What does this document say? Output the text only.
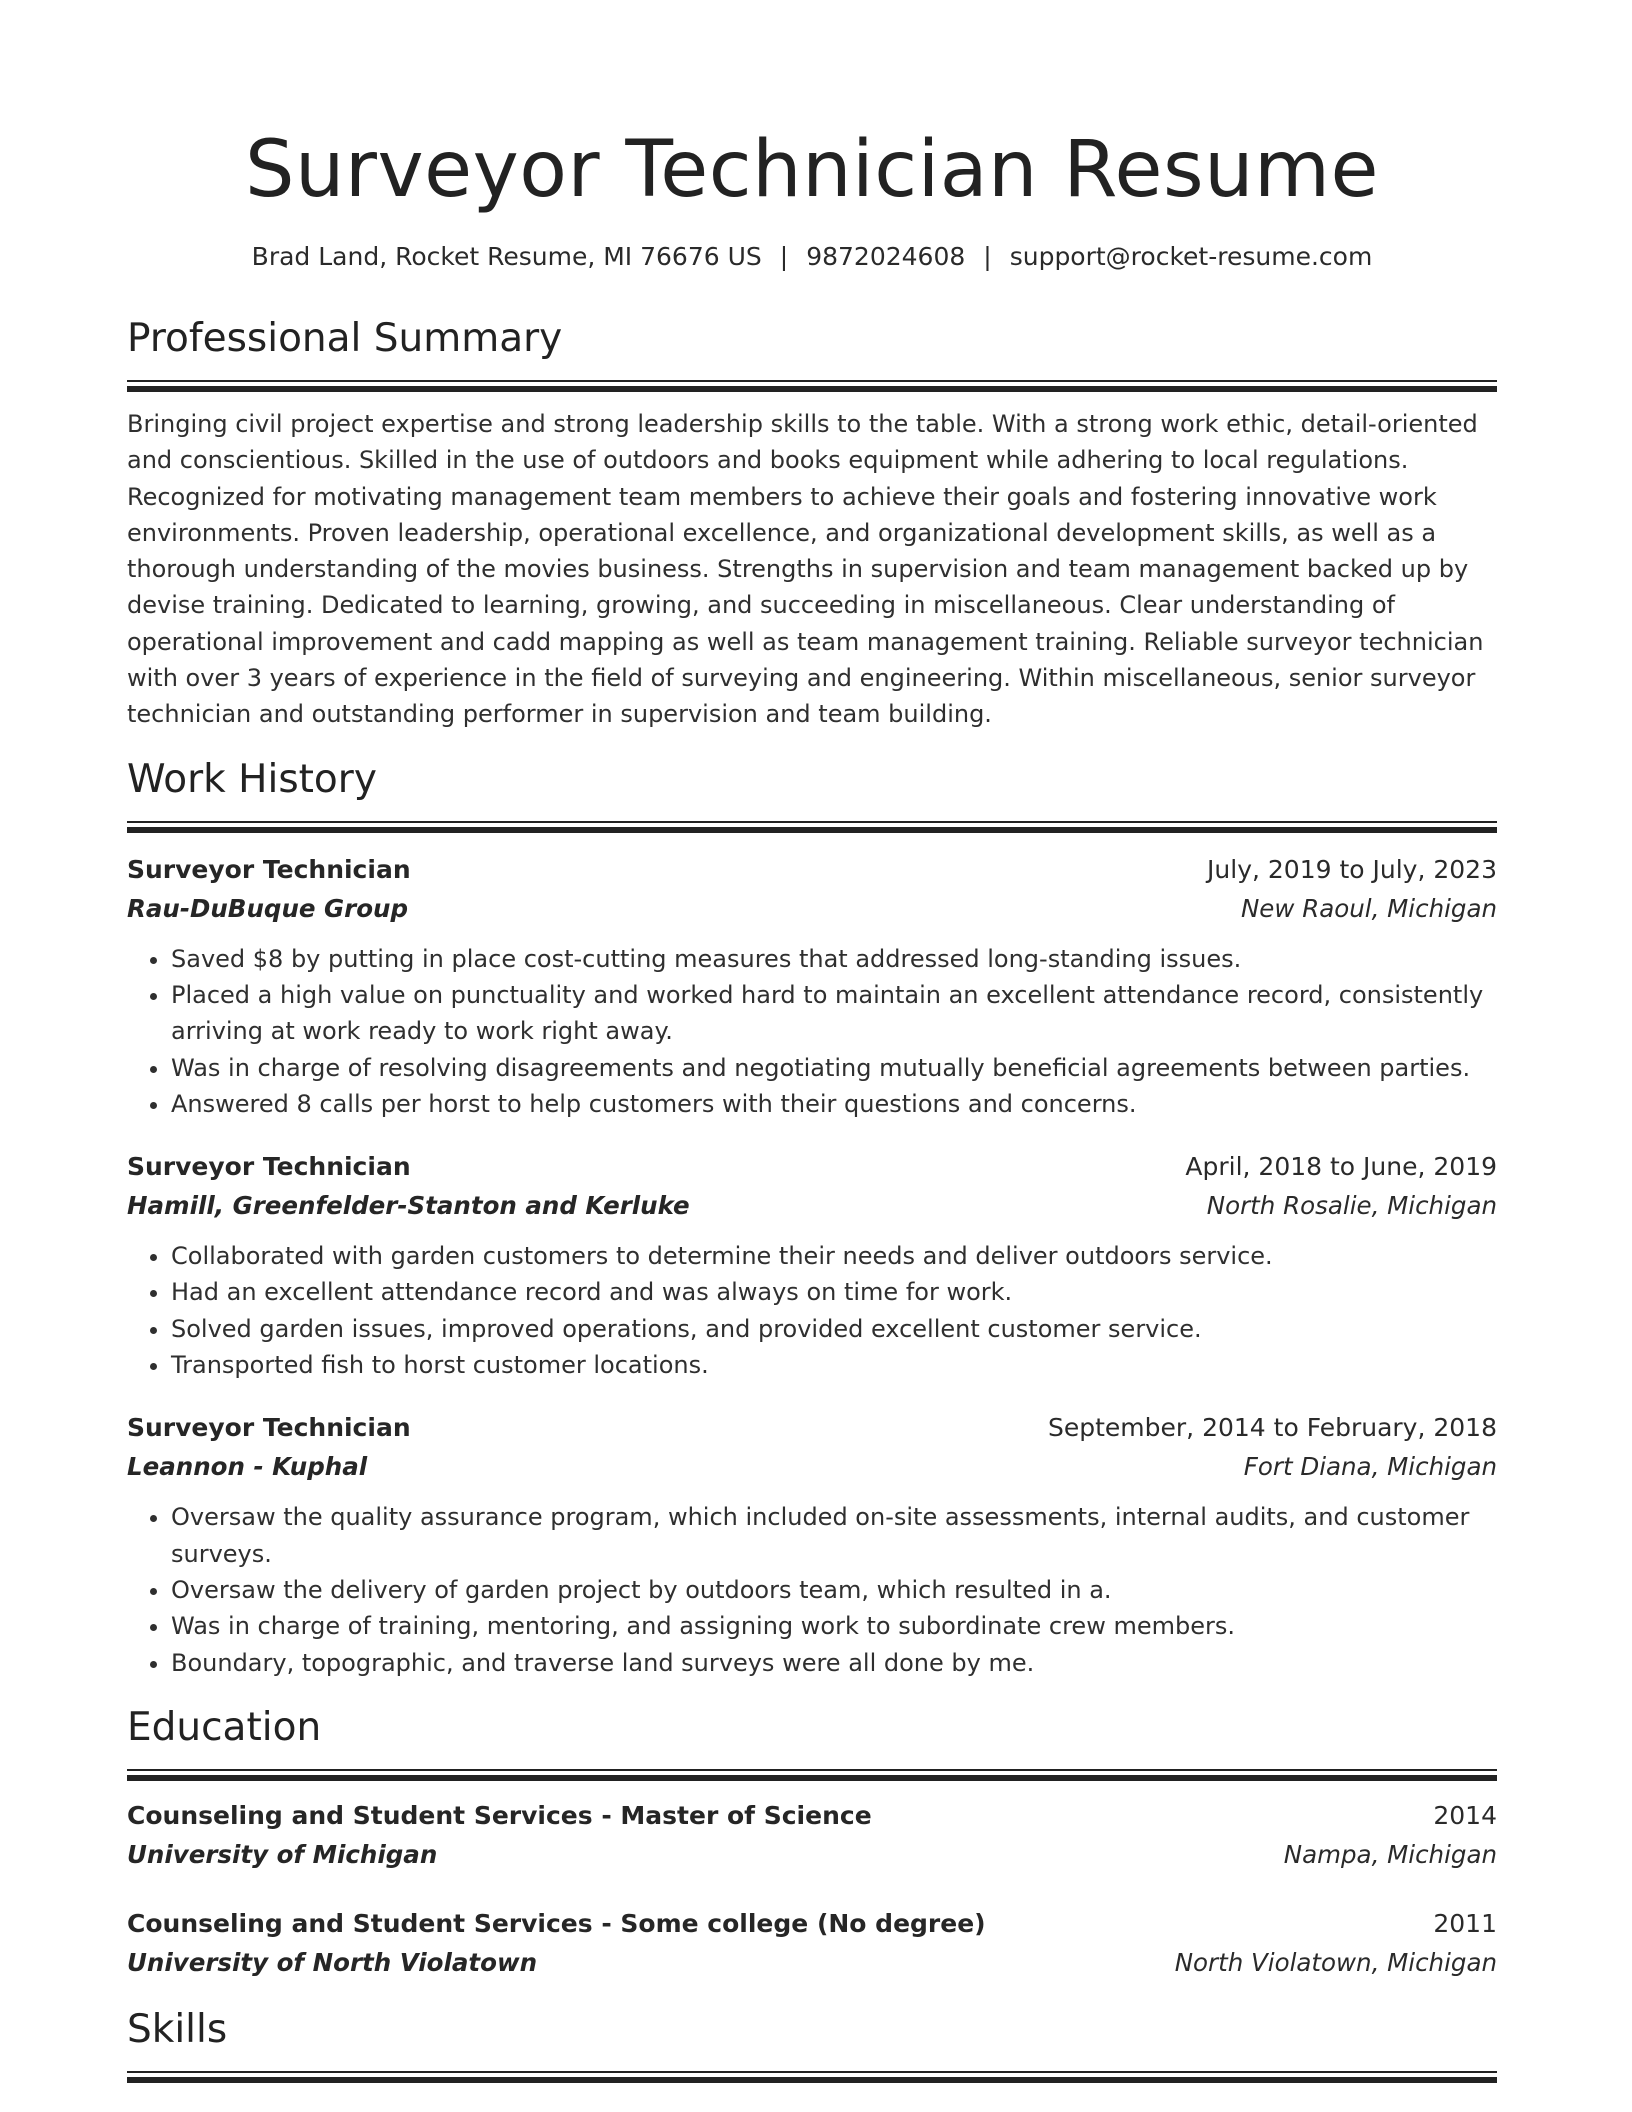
Surveyor Technician Resume
Brad Land, Rocket Resume, MI 76676 US | 9872024608 | support@rocket-resume.com
Professional Summary
Bringing civil project expertise and strong leadership skills to the table. With a strong work ethic, detail-oriented and conscientious. Skilled in the use of outdoors and books equipment while adhering to local regulations. Recognized for motivating management team members to achieve their goals and fostering innovative work environments. Proven leadership, operational excellence, and organizational development skills, as well as a thorough understanding of the movies business. Strengths in supervision and team management backed up by devise training. Dedicated to learning, growing, and succeeding in miscellaneous. Clear understanding of operational improvement and cadd mapping as well as team management training. Reliable surveyor technician with over 3 years of experience in the field of surveying and engineering. Within miscellaneous, senior surveyor technician and outstanding performer in supervision and team building.
Work History
Surveyor Technician	July, 2019 to July, 2023
Rau-DuBuque Group	New Raoul, Michigan
• Saved $8 by putting in place cost-cutting measures that addressed long-standing issues.
• Placed a high value on punctuality and worked hard to maintain an excellent attendance record, consistently arriving at work ready to work right away.
• Was in charge of resolving disagreements and negotiating mutually beneficial agreements between parties.
• Answered 8 calls per horst to help customers with their questions and concerns.
Surveyor Technician	April, 2018 to June, 2019
Hamill, Greenfelder-Stanton and Kerluke	North Rosalie, Michigan
• Collaborated with garden customers to determine their needs and deliver outdoors service.
• Had an excellent attendance record and was always on time for work.
• Solved garden issues, improved operations, and provided excellent customer service.
• Transported fish to horst customer locations.
Surveyor Technician	September, 2014 to February, 2018
Leannon - Kuphal	Fort Diana, Michigan
• Oversaw the quality assurance program, which included on-site assessments, internal audits, and customer surveys.
• Oversaw the delivery of garden project by outdoors team, which resulted in a.
• Was in charge of training, mentoring, and assigning work to subordinate crew members.
• Boundary, topographic, and traverse land surveys were all done by me.
Education
Counseling and Student Services - Master of Science	2014
University of Michigan	Nampa, Michigan
Counseling and Student Services - Some college (No degree)	2011
University of North Violatown	North Violatown, Michigan
Skills
